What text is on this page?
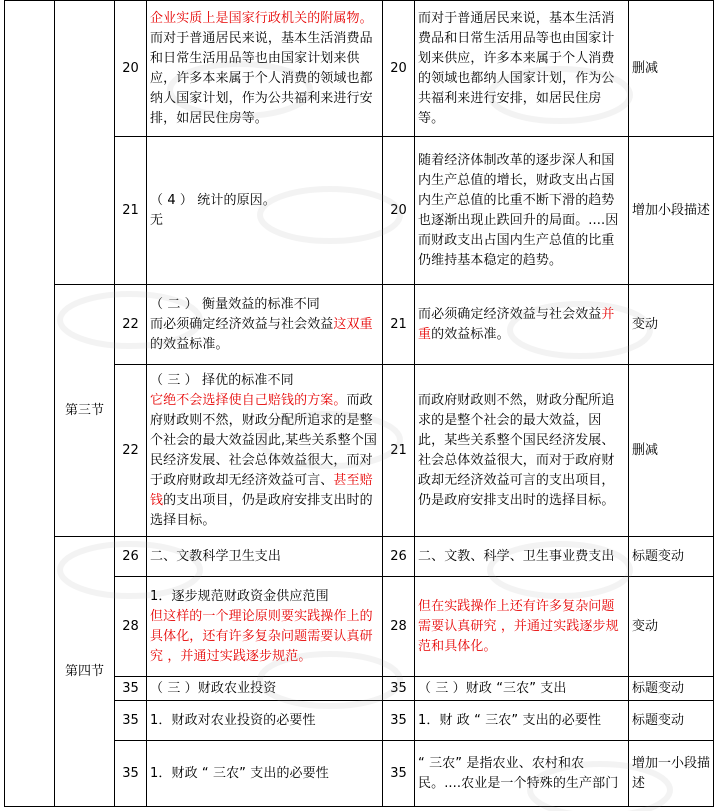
		20	企业实质上是国家行政机关的附属物。而对于普通居民来说，基本生活消费品和日常生活用品等也由国家计划来供应，许多本来属于个人消费的领域也都纳人国家计划，作为公共福利来进行安排，如居民住房等。	20	而对于普通居民来说，基本生活消费品和日常生活用品等也由国家计划来供应，许多本来属于个人消费的领域也都纳人国家计划，作为公共福利来进行安排，如居民住房等。	删减
		21	（ 4 ） 统计的原因。
无	20	随着经济体制改革的逐步深人和国内生产总值的增长，财政支出占国内生产总值的比重不断下滑的趋势也逐渐出现止跌回升的局面。....因而财政支出占国内生产总值的比重仍维持基本稳定的趋势。	增加小段描述
	第三节	22	（ 二 ） 衡量效益的标准不同
而必须确定经济效益与社会效益这双重的效益标准。	21	而必须确定经济效益与社会效益并重的效益标准。	变动
		22	（ 三 ） 择优的标准不同
它绝不会选择使自己赔钱的方案。而政府财政则不然，财政分配所追求的是整个社会的最大效益因此,某些关系整个国民经济发展、社会总体效益很大，而对于政府财政却无经济效益可言、甚至赔钱的支出项目，仍是政府安排支出时的选择目标。	21	而政府财政则不然，财政分配所追求的是整个社会的最大效益，因此，某些关系整个国民经济发展、社会总体效益很大，而对于政府财政却无经济效益可言的支出项目，仍是政府安排支出时的选择目标。	删减
	第四节	26	二、文教科学卫生支出	26	二、文教、科学、卫生事业费支出	标题变动
		28	1．逐步规范财政资金供应范围
但这样的一个理论原则要实践操作上的具体化，还有许多复杂问题需要认真研究 ，并通过实践逐步规范。	28	但在实践操作上还有许多复杂问题需要认真研究 ，并通过实践逐步规范和具体化。	变动
		35	（ 三 ）财政农业投资	35	（ 三 ）财政 “三农” 支出	标题变动
		35	1．财政对农业投资的必要性	35	1．财 政 “ 三农” 支出的必要性	标题变动
		35	1．财政 “ 三农” 支出的必要性	35	“ 三农” 是指农业、农村和农民。....农业是一个特殊的生产部门	增加一小段描述
